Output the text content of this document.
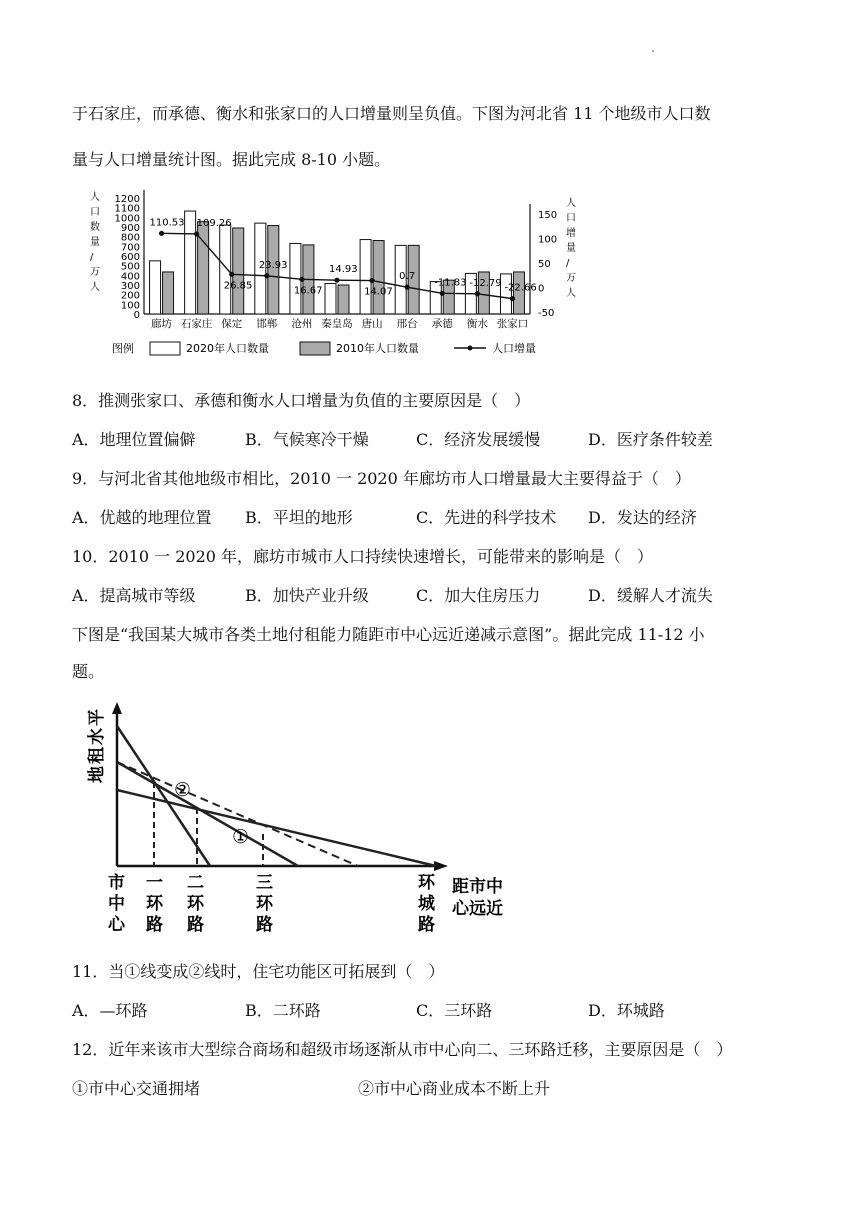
于石家庄，而承德、衡水和张家口的人口增量则呈负值。下图为河北省 11 个地级市人口数
量与人口增量统计图。据此完成 8-10 小题。
人
口
数
量
/
万
人
人
口
增
量
/
万
人
1200
1100
1000
900
800
700
600
500
400
300
200
100
0
150
100
50
0
-50
110.53 109.26
26.85
23.93
16.67
14.93
14.07
0.7
-11.83 -12.79 -22.66
廊坊 石家庄 保定 邯郸 沧州 秦皇岛 唐山 邢台 承德 衡水 张家口
图例	2020年人口数量	2010年人口数量	人口增量
8．推测张家口、承德和衡水人口增量为负值的主要原因是（　）
A．地理位置偏僻	B．气候寒冷干燥	C．经济发展缓慢	D．医疗条件较差
9．与河北省其他地级市相比，2010 一 2020 年廊坊市人口增量最大主要得益于（　）
A．优越的地理位置 B．平坦的地形	C．先进的科学技术 D．发达的经济
10．2010 一 2020 年，廊坊市城市人口持续快速增长，可能带来的影响是（　）
A．提高城市等级	B．加快产业升级	C．加大住房压力	D．缓解人才流失
下图是“我国某大城市各类土地付租能力随距市中心远近递减示意图”。据此完成 11-12 小
题。
平
水
租
地
②
①
市
中
心
一
环
路
二
环
路
三
环
路
环
城
路
距市中
心远近
11．当①线变成②线时，住宅功能区可拓展到（　）
A．—环路	B．二环路	C．三环路	D．环城路
12．近年来该市大型综合商场和超级市场逐渐从市中心向二、三环路迁移，主要原因是（　）
①市中心交通拥堵	②市中心商业成本不断上升
